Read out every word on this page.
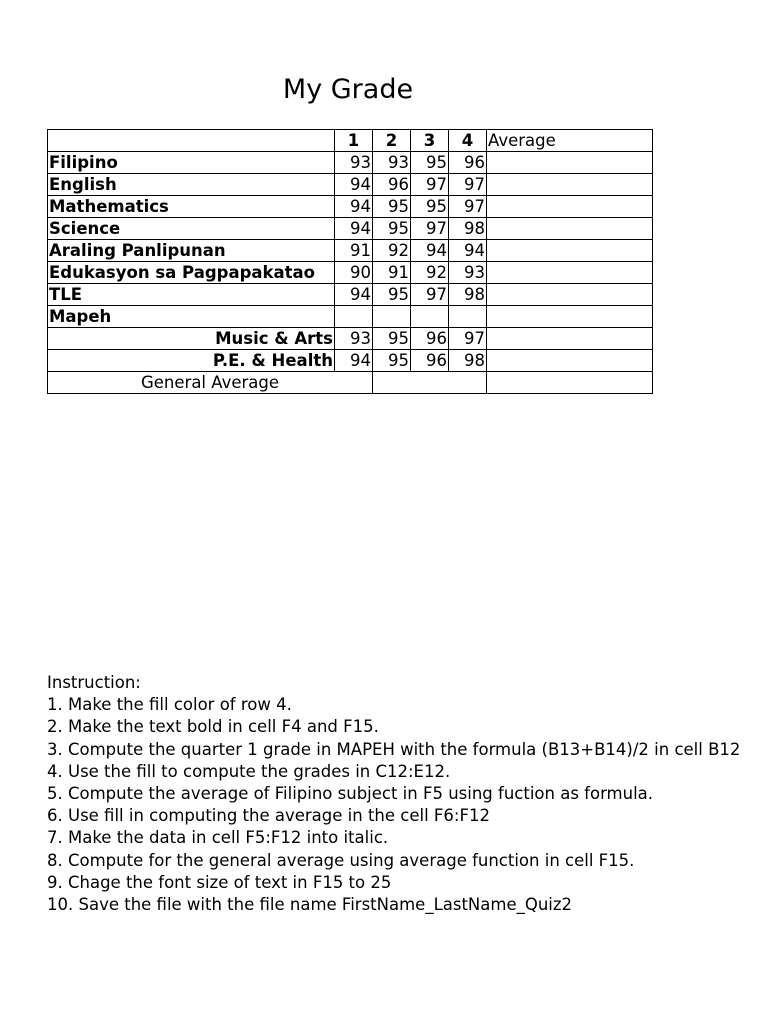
My Grade
	1	2	3	4	Average
Filipino	93	93	95	96	
English	94	96	97	97	
Mathematics	94	95	95	97	
Science	94	95	97	98	
Araling Panlipunan	91	92	94	94	
Edukasyon sa Pagpapakatao	90	91	92	93	
TLE	94	95	97	98	
Mapeh					
Music & Arts	93	95	96	97	
P.E. & Health	94	95	96	98	
General Average					
Instruction:
1. Make the fill color of row 4.
2. Make the text bold in cell F4 and F15.
3. Compute the quarter 1 grade in MAPEH with the formula (B13+B14)/2 in cell B12
4. Use the fill to compute the grades in C12:E12.
5. Compute the average of Filipino subject in F5 using fuction as formula.
6. Use fill in computing the average in the cell F6:F12
7. Make the data in cell F5:F12 into italic.
8. Compute for the general average using average function in cell F15.
9. Chage the font size of text in F15 to 25
10. Save the file with the file name FirstName_LastName_Quiz2
